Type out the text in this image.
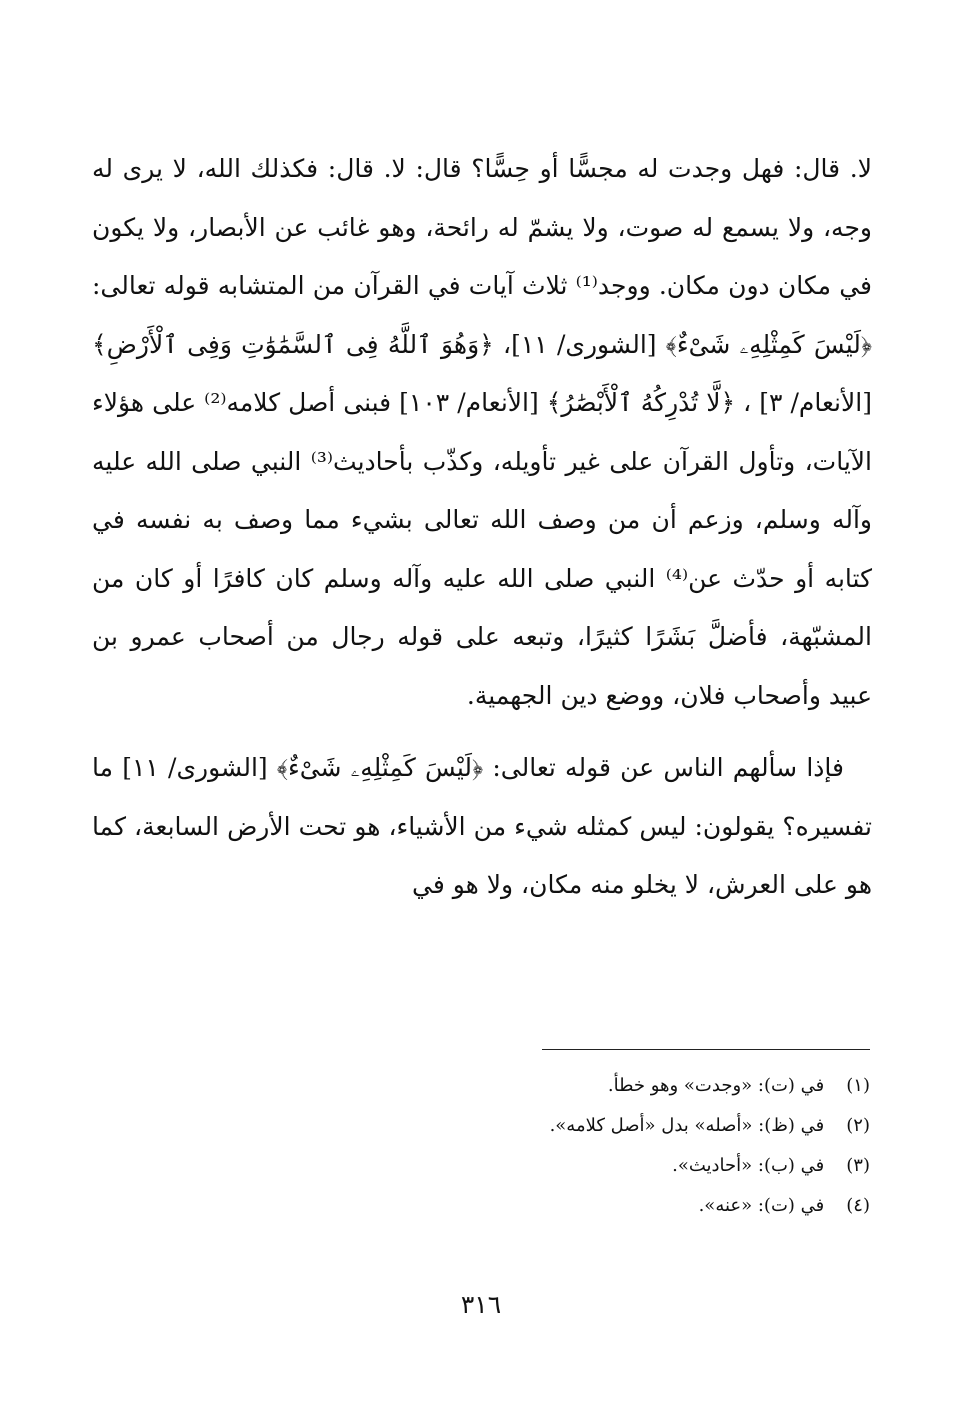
لا. قال: فهل وجدت له مجسًّا أو حِسًّا؟ قال: لا. قال: فكذلك الله، لا يرى له وجه، ولا يسمع له صوت، ولا يشمّ له رائحة، وهو غائب عن الأبصار، ولا يكون في مكان دون مكان. ووجد⁽¹⁾ ثلاث آيات في القرآن من المتشابه قوله تعالى: ﴿لَيْسَ كَمِثْلِهِۦ شَىْءٌ﴾ [الشورى/ ١١]، ﴿وَهُوَ ٱللَّهُ فِى ٱلسَّمَٰوَٰتِ وَفِى ٱلْأَرْضِ﴾ [الأنعام/ ٣] ، ﴿لَّا تُدْرِكُهُ ٱلْأَبْصَٰرُ﴾ [الأنعام/ ١٠٣] فبنى أصل كلامه⁽²⁾ على هؤلاء الآيات، وتأول القرآن على غير تأويله، وكذّب بأحاديث⁽³⁾ النبي صلى الله عليه وآله وسلم، وزعم أن من وصف الله تعالى بشيء مما وصف به نفسه في كتابه أو حدّث عن⁽⁴⁾ النبي صلى الله عليه وآله وسلم كان كافرًا أو كان من المشبّهة، فأضلَّ بَشَرًا كثيرًا، وتبعه على قوله رجال من أصحاب عمرو بن عبيد وأصحاب فلان، ووضع دين الجهمية.

فإذا سألهم الناس عن قوله تعالى: ﴿لَيْسَ كَمِثْلِهِۦ شَىْءٌ﴾ [الشورى/ ١١] ما تفسيره؟ يقولون: ليس كمثله شيء من الأشياء، هو تحت الأرض السابعة، كما هو على العرش، لا يخلو منه مكان، ولا هو في

(١) في (ت): «وجدت» وهو خطأ.
(٢) في (ظ): «أصله» بدل «أصل كلامه».
(٣) في (ب): «أحاديث».
(٤) في (ت): «عنه».
٣١٦
